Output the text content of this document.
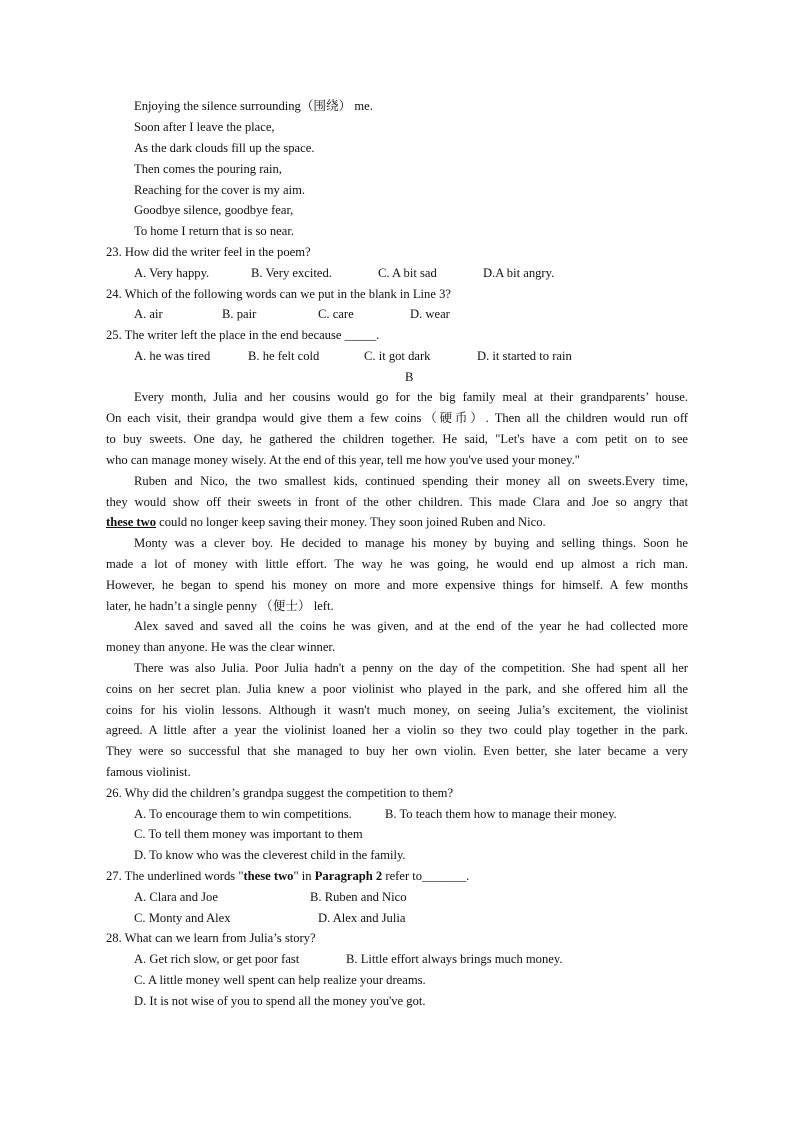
Enjoying the silence surrounding（围绕） me.
Soon after I leave the place,
As the dark clouds fill up the space.
Then comes the pouring rain,
Reaching for the cover is my aim.
Goodbye silence, goodbye fear,
To home I return that is so near.
23. How did the writer feel in the poem?
A. Very happy.	B. Very excited.	C. A bit sad	D.A bit angry.
24. Which of the following words can we put in the blank in Line 3?
A. air	B. pair	C. care	D. wear
25. The writer left the place in the end because _____.
A. he was tired	B. he felt cold	C. it got dark	D. it started to rain
B
Every month, Julia and her cousins would go for the big family meal at their grandparents’ house.
On each visit, their grandpa would give them a few coins（硬币）. Then all the children would run off
to buy sweets. One day, he gathered the children together. He said, "Let's have a com petit on to see
who can manage money wisely. At the end of this year, tell me how you've used your money."
Ruben and Nico, the two smallest kids, continued spending their money all on sweets.Every time,
they would show off their sweets in front of the other children. This made Clara and Joe so angry that
these two could no longer keep saving their money. They soon joined Ruben and Nico.
Monty was a clever boy. He decided to manage his money by buying and selling things. Soon he
made a lot of money with little effort. The way he was going, he would end up almost a rich man.
However, he began to spend his money on more and more expensive things for himself. A few months
later, he hadn’t a single penny （便士） left.
Alex saved and saved all the coins he was given, and at the end of the year he had collected more
money than anyone. He was the clear winner.
There was also Julia. Poor Julia hadn't a penny on the day of the competition. She had spent all her
coins on her secret plan. Julia knew a poor violinist who played in the park, and she offered him all the
coins for his violin lessons. Although it wasn't much money, on seeing Julia’s excitement, the violinist
agreed. A little after a year the violinist loaned her a violin so they two could play together in the park.
They were so successful that she managed to buy her own violin. Even better, she later became a very
famous violinist.
26. Why did the children’s grandpa suggest the competition to them?
A. To encourage them to win competitions.	B. To teach them how to manage their money.
C. To tell them money was important to them
D. To know who was the cleverest child in the family.
27. The underlined words "these two" in Paragraph 2 refer to_______.
A. Clara and Joe	B. Ruben and Nico
C. Monty and Alex	D. Alex and Julia
28. What can we learn from Julia’s story?
A. Get rich slow, or get poor fast	B. Little effort always brings much money.
C. A little money well spent can help realize your dreams.
D. It is not wise of you to spend all the money you've got.
